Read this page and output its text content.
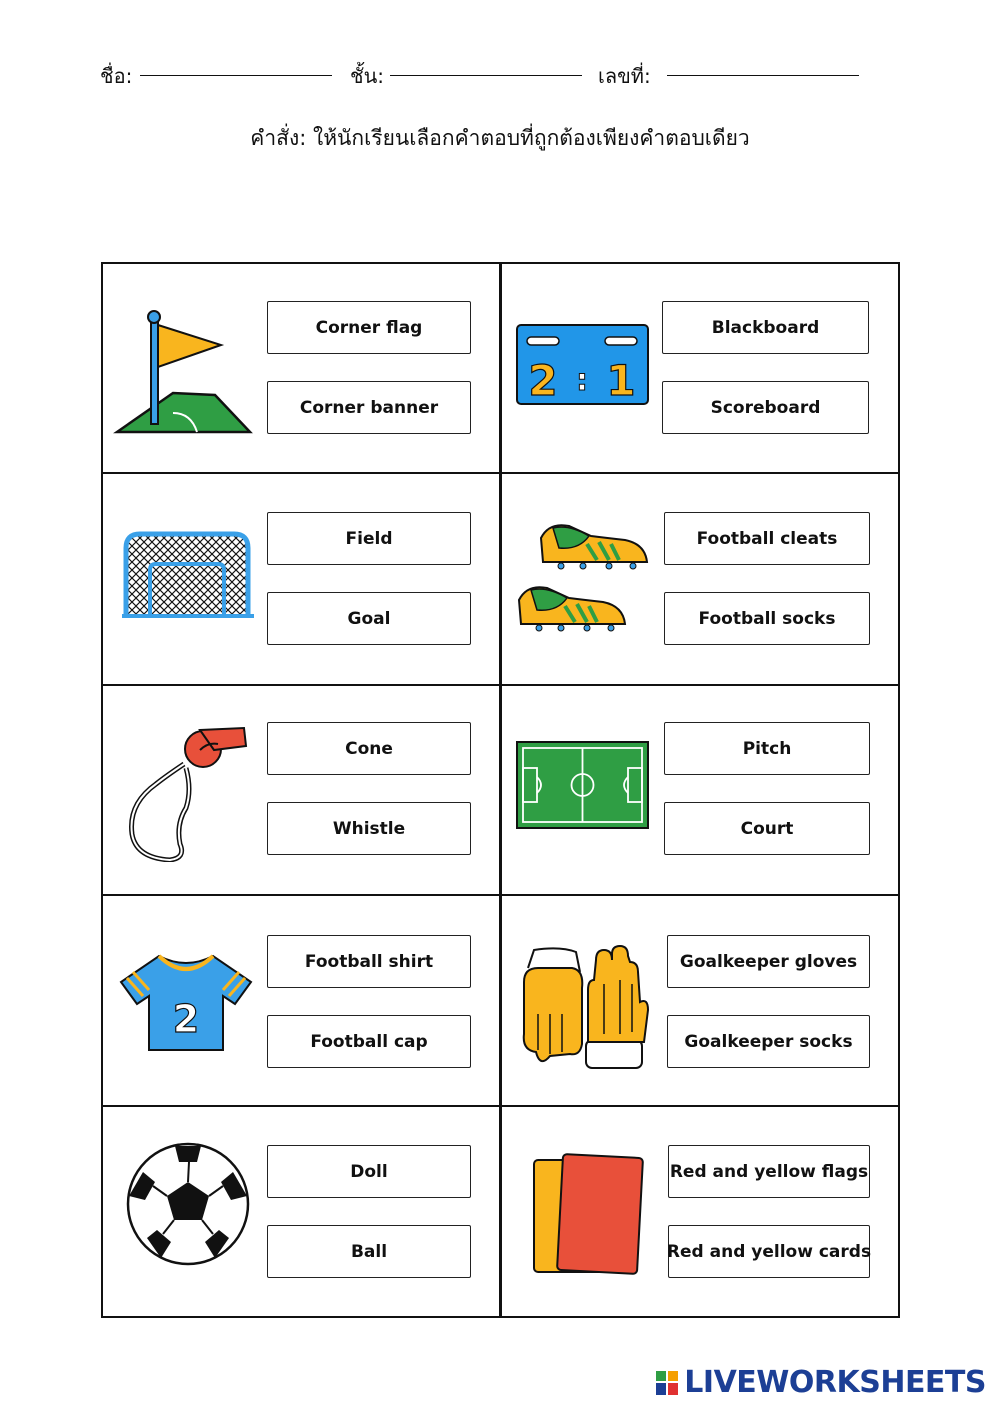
ชื่อ:	ชั้น:	เลขที่:
คำสั่ง: ให้นักเรียนเลือกคำตอบที่ถูกต้องเพียงคำตอบเดียว
Corner flag
Corner banner
2 : 1
Blackboard
Scoreboard
Field
Goal
Football cleats
Football socks
Cone
Whistle
Pitch
Court
2
Football shirt
Football cap
Goalkeeper gloves
Goalkeeper socks
Doll
Ball
Red and yellow flags
Red and yellow cards
LIVEWORKSHEETS
